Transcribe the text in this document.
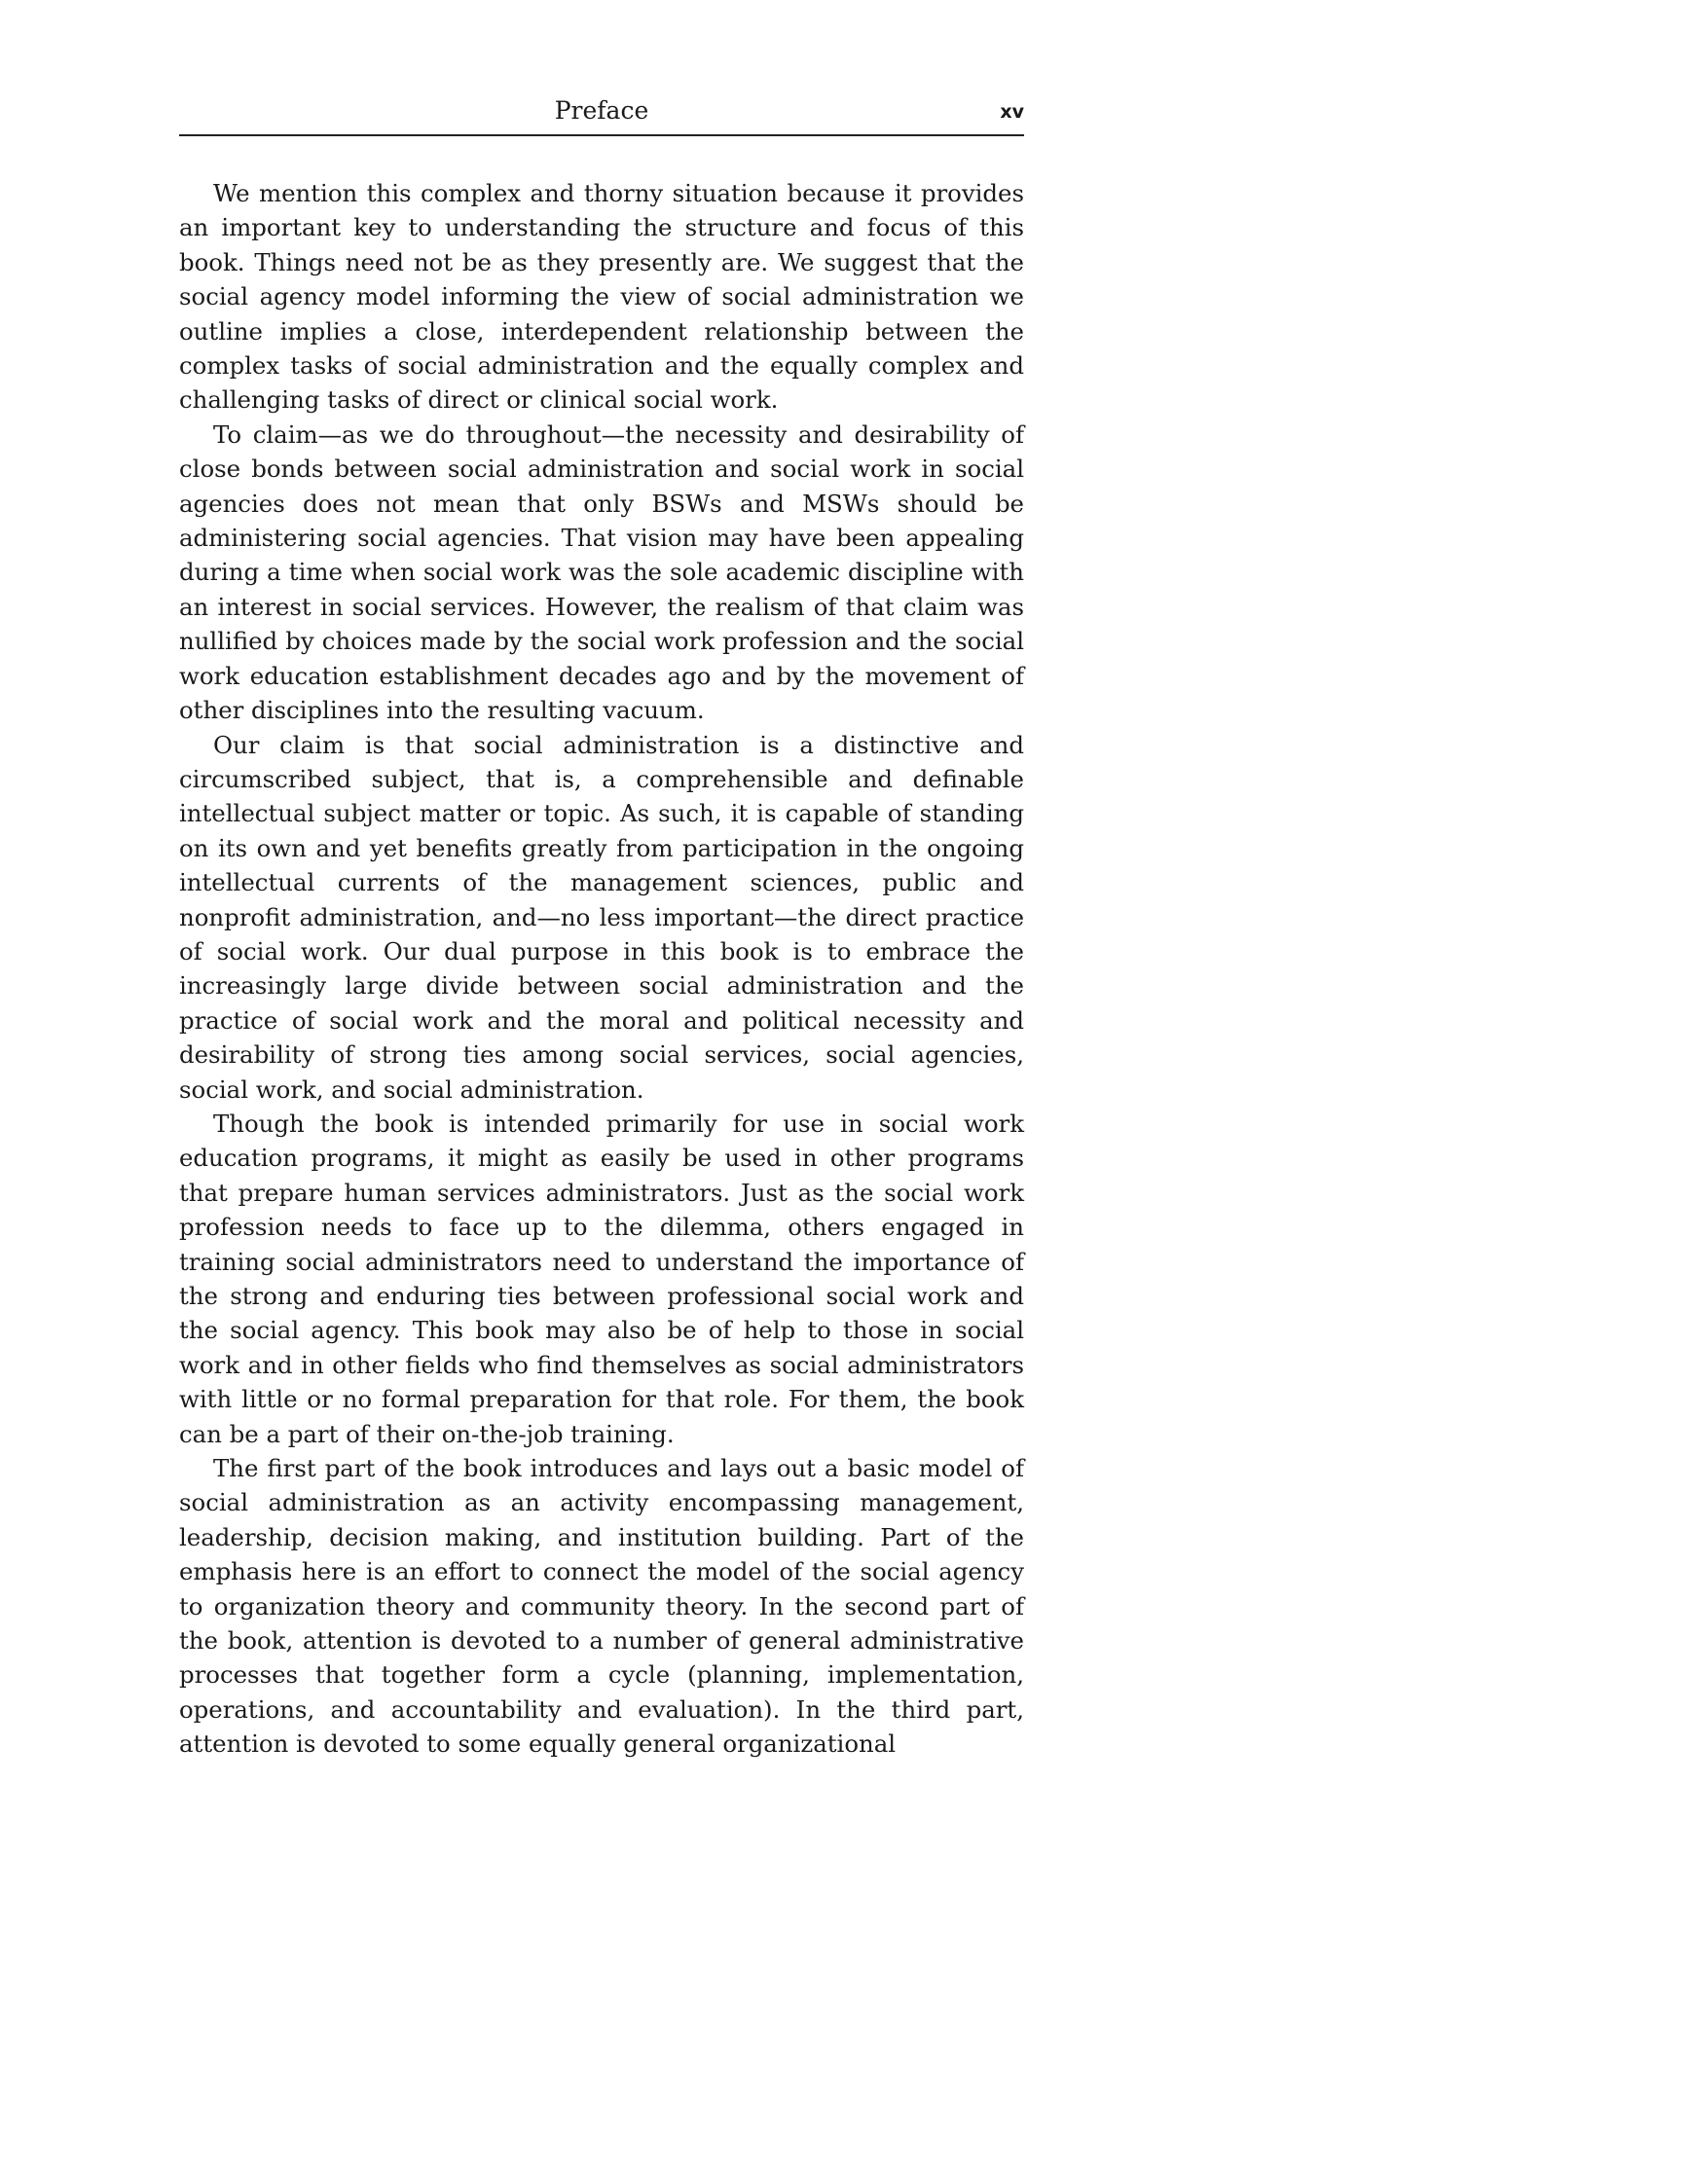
Preface	xv

We mention this complex and thorny situation because it provides an important key to understanding the structure and focus of this book. Things need not be as they presently are. We suggest that the social agency model informing the view of social administration we outline implies a close, interdependent relationship between the complex tasks of social administration and the equally complex and challenging tasks of direct or clinical social work.

To claim—as we do throughout—the necessity and desirability of close bonds between social administration and social work in social agencies does not mean that only BSWs and MSWs should be administering social agencies. That vision may have been appealing during a time when social work was the sole academic discipline with an interest in social services. However, the realism of that claim was nullified by choices made by the social work profession and the social work education establishment decades ago and by the movement of other disciplines into the resulting vacuum.

Our claim is that social administration is a distinctive and circumscribed subject, that is, a comprehensible and definable intellectual subject matter or topic. As such, it is capable of standing on its own and yet benefits greatly from participation in the ongoing intellectual currents of the management sciences, public and nonprofit administration, and—no less important—the direct practice of social work. Our dual purpose in this book is to embrace the increasingly large divide between social administration and the practice of social work and the moral and political necessity and desirability of strong ties among social services, social agencies, social work, and social administration.

Though the book is intended primarily for use in social work education programs, it might as easily be used in other programs that prepare human services administrators. Just as the social work profession needs to face up to the dilemma, others engaged in training social administrators need to understand the importance of the strong and enduring ties between professional social work and the social agency. This book may also be of help to those in social work and in other fields who find themselves as social administrators with little or no formal preparation for that role. For them, the book can be a part of their on-the-job training.

The first part of the book introduces and lays out a basic model of social administration as an activity encompassing management, leadership, decision making, and institution building. Part of the emphasis here is an effort to connect the model of the social agency to organization theory and community theory. In the second part of the book, attention is devoted to a number of general administrative processes that together form a cycle (planning, implementation, operations, and accountability and evaluation). In the third part, attention is devoted to some equally general organizational
